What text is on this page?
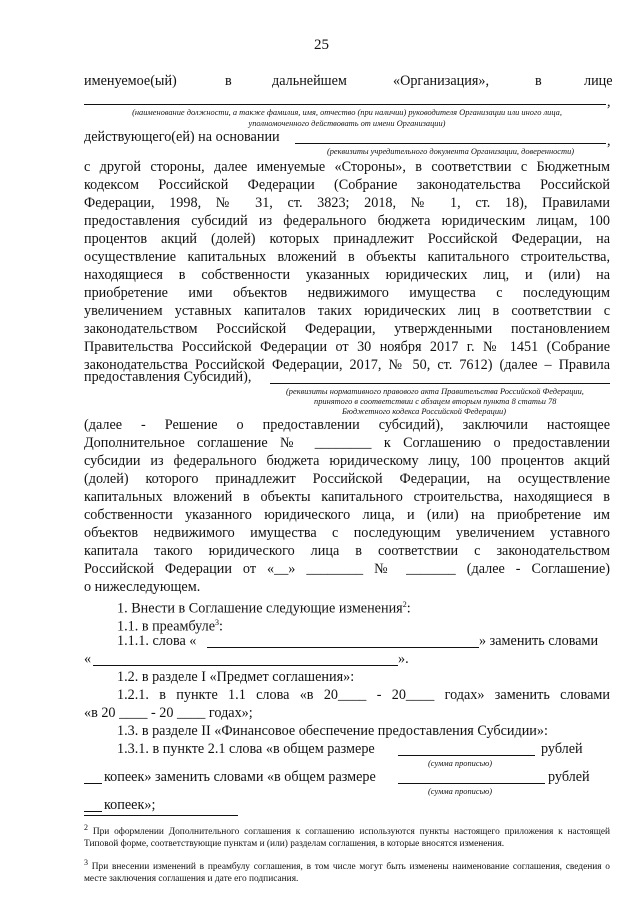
25
именуемое(ый)	в	дальнейшем	«Организация»,	в	лице
,
(наименование должности, а также фамилия, имя, отчество (при наличии) руководителя Организации или иного лица,
уполномоченного действовать от имени Организации)
действующего(ей) на основании	,
(реквизиты учредительного документа Организации, доверенности)
с другой стороны, далее именуемые «Стороны», в соответствии с Бюджетным
кодексом Российской Федерации (Собрание законодательства Российской
Федерации, 1998, № 31, ст. 3823; 2018, № 1, ст. 18), Правилами
предоставления субсидий из федерального бюджета юридическим лицам, 100
процентов акций (долей) которых принадлежит Российской Федерации, на
осуществление капитальных вложений в объекты капитального строительства,
находящиеся в собственности указанных юридических лиц, и (или) на
приобретение ими объектов недвижимого имущества с последующим
увеличением уставных капиталов таких юридических лиц в соответствии с
законодательством Российской Федерации, утвержденными постановлением
Правительства Российской Федерации от 30 ноября 2017 г. № 1451 (Собрание
законодательства Российской Федерации, 2017, № 50, ст. 7612) (далее – Правила
предоставления Субсидий),
(реквизиты нормативного правового акта Правительства Российской Федерации,
принятого в соответствии с абзацем вторым пункта 8 статьи 78
Бюджетного кодекса Российской Федерации)
(далее - Решение о предоставлении субсидий), заключили настоящее
Дополнительное соглашение № ________ к Соглашению о предоставлении
субсидии из федерального бюджета юридическому лицу, 100 процентов акций
(долей) которого принадлежит Российской Федерации, на осуществление
капитальных вложений в объекты капитального строительства, находящиеся в
собственности указанного юридического лица, и (или) на приобретение им
объектов недвижимого имущества с последующим увеличением уставного
капитала такого юридического лица в соответствии с законодательством
Российской Федерации от «__» ________ № _______ (далее - Соглашение)
о нижеследующем.
1. Внести в Соглашение следующие изменения$^2$:
1.1. в преамбуле$^3$:
1.1.1. слова «	» заменить словами
«	».
1.2. в разделе I «Предмет соглашения»:
1.2.1. в пункте 1.1 слова «в 20____ - 20____ годах» заменить словами
«в 20 ____ - 20 ____ годах»;
1.3. в разделе II «Финансовое обеспечение предоставления Субсидии»:
1.3.1. в пункте 2.1 слова «в общем размере	рублей
(сумма прописью)
копеек» заменить словами «в общем размере	рублей
(сумма прописью)
копеек»;
$^2$ При оформлении Дополнительного соглашения к соглашению используются пункты настоящего приложения к настоящей Типовой форме, соответствующие пунктам и (или) разделам соглашения, в которые вносятся изменения.
$^3$ При внесении изменений в преамбулу соглашения, в том числе могут быть изменены наименование соглашения, сведения о месте заключения соглашения и дате его подписания.
